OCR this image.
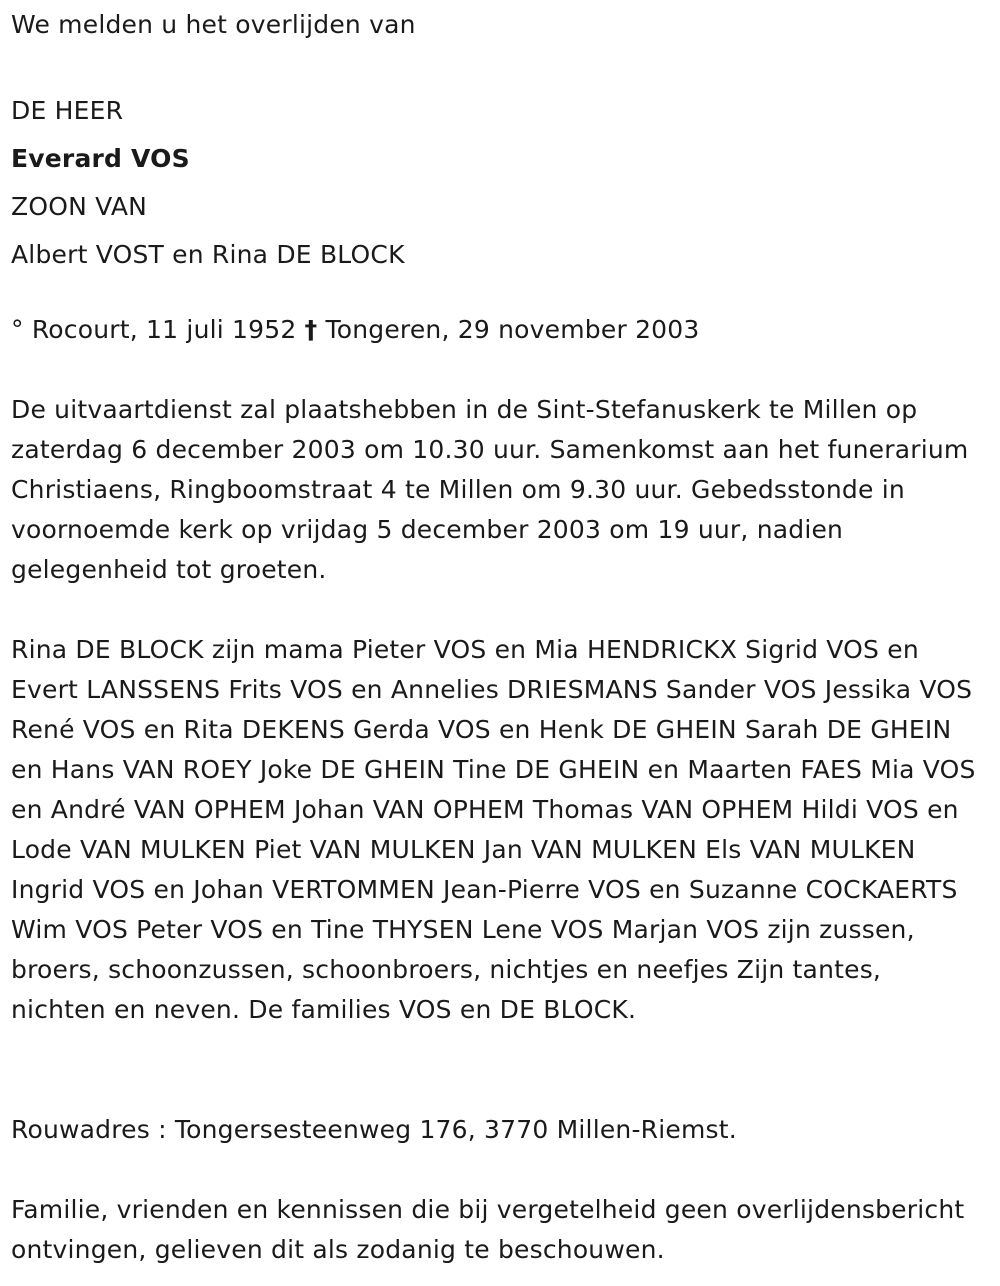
We melden u het overlijden van

DE HEER

Everard VOS

ZOON VAN

Albert VOST en Rina DE BLOCK

° Rocourt, 11 juli 1952 † Tongeren, 29 november 2003

De uitvaartdienst zal plaatshebben in de Sint-Stefanuskerk te Millen op zaterdag 6 december 2003 om 10.30 uur. Samenkomst aan het funerarium Christiaens, Ringboomstraat 4 te Millen om 9.30 uur. Gebedsstonde in voornoemde kerk op vrijdag 5 december 2003 om 19 uur, nadien gelegenheid tot groeten.

Rina DE BLOCK zijn mama Pieter VOS en Mia HENDRICKX Sigrid VOS en Evert LANSSENS Frits VOS en Annelies DRIESMANS Sander VOS Jessika VOS René VOS en Rita DEKENS Gerda VOS en Henk DE GHEIN Sarah DE GHEIN en Hans VAN ROEY Joke DE GHEIN Tine DE GHEIN en Maarten FAES Mia VOS en André VAN OPHEM Johan VAN OPHEM Thomas VAN OPHEM Hildi VOS en Lode VAN MULKEN Piet VAN MULKEN Jan VAN MULKEN Els VAN MULKEN Ingrid VOS en Johan VERTOMMEN Jean-Pierre VOS en Suzanne COCKAERTS Wim VOS Peter VOS en Tine THYSEN Lene VOS Marjan VOS zijn zussen, broers, schoonzussen, schoonbroers, nichtjes en neefjes Zijn tantes, nichten en neven. De families VOS en DE BLOCK.

Rouwadres : Tongersesteenweg 176, 3770 Millen-Riemst.

Familie, vrienden en kennissen die bij vergetelheid geen overlijdensbericht ontvingen, gelieven dit als zodanig te beschouwen.
